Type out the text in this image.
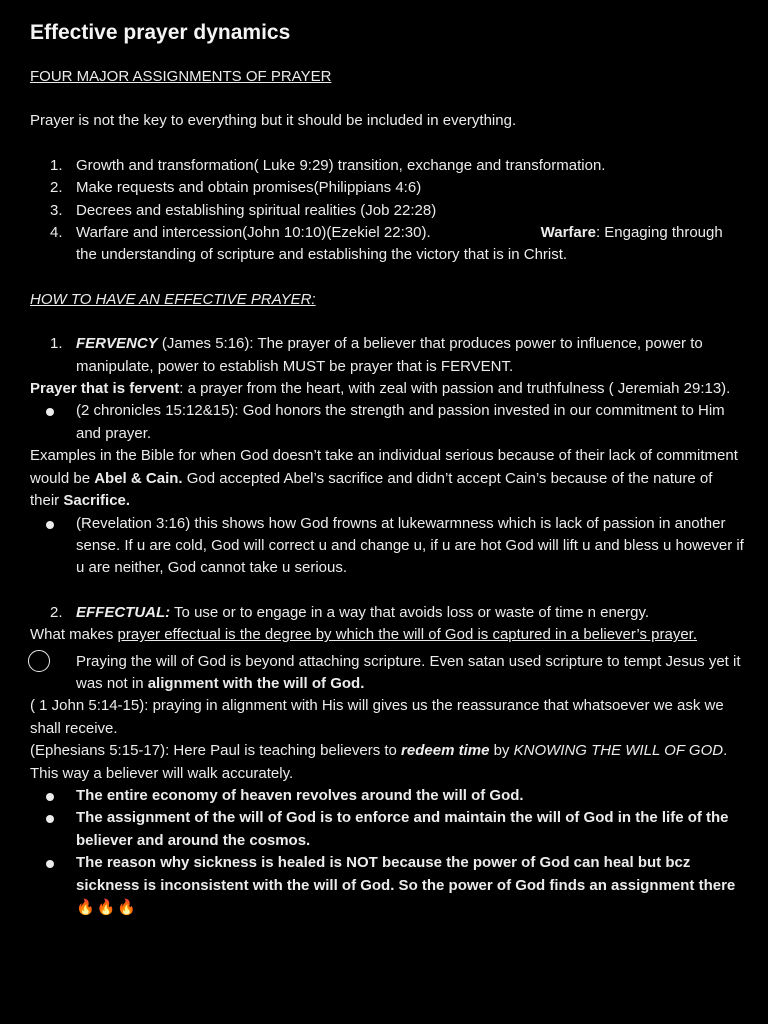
Effective prayer dynamics

FOUR MAJOR ASSIGNMENTS OF PRAYER

Prayer is not the key to everything but it should be included in everything.

1. Growth and transformation( Luke 9:29) transition, exchange and transformation.

2. Make requests and obtain promises(Philippians 4:6)

3. Decrees and establishing spiritual realities (Job 22:28)

4. Warfare and intercession(John 10:10)(Ezekiel 22:30).	Warfare: Engaging through the understanding of scripture and establishing the victory that is in Christ.

HOW TO HAVE AN EFFECTIVE PRAYER:

1. FERVENCY (James 5:16): The prayer of a believer that produces power to influence, power to manipulate, power to establish MUST be prayer that is FERVENT.

Prayer that is fervent: a prayer from the heart, with zeal with passion and truthfulness ( Jeremiah 29:13).

(2 chronicles 15:12&15): God honors the strength and passion invested in our commitment to Him and prayer.

Examples in the Bible for when God doesn’t take an individual serious because of their lack of commitment would be Abel & Cain. God accepted Abel’s sacrifice and didn’t accept Cain’s because of the nature of their Sacrifice.

(Revelation 3:16) this shows how God frowns at lukewarmness which is lack of passion in another sense. If u are cold, God will correct u and change u, if u are hot God will lift u and bless u however if u are neither, God cannot take u serious.

2. EFFECTUAL: To use or to engage in a way that avoids loss or waste of time n energy.

What makes prayer effectual is the degree by which the will of God is captured in a believer’s prayer.

Praying the will of God is beyond attaching scripture. Even satan used scripture to tempt Jesus yet it was not in alignment with the will of God.

( 1 John 5:14-15): praying in alignment with His will gives us the reassurance that whatsoever we ask we shall receive.

(Ephesians 5:15-17): Here Paul is teaching believers to redeem time by KNOWING THE WILL OF GOD. This way a believer will walk accurately.

The entire economy of heaven revolves around the will of God.

The assignment of the will of God is to enforce and maintain the will of God in the life of the believer and around the cosmos.

The reason why sickness is healed is NOT because the power of God can heal but bcz sickness is inconsistent with the will of God. So the power of God finds an assignment there🔥🔥🔥
